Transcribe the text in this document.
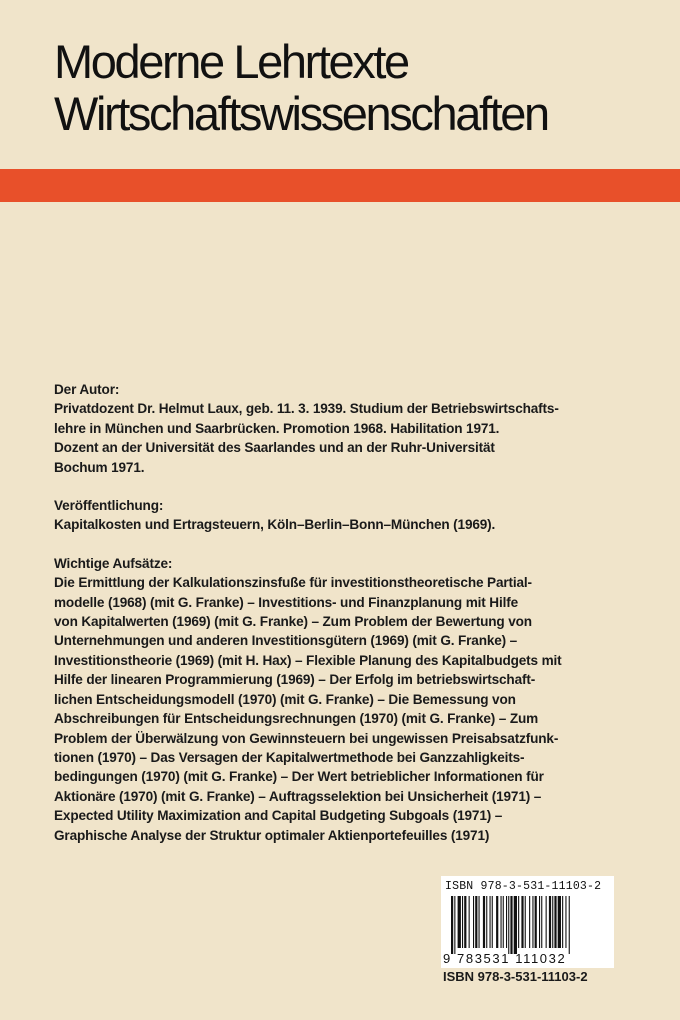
Moderne Lehrtexte
Wirtschaftswissenschaften

Der Autor:

Privatdozent Dr. Helmut Laux, geb. 11. 3. 1939. Studium der Betriebswirtschafts-
lehre in München und Saarbrücken. Promotion 1968. Habilitation 1971.
Dozent an der Universität des Saarlandes und an der Ruhr-Universität
Bochum 1971.

Veröffentlichung:

Kapitalkosten und Ertragsteuern, Köln–Berlin–Bonn–München (1969).

Wichtige Aufsätze:

Die Ermittlung der Kalkulationszinsfuße für investitionstheoretische Partial-
modelle (1968) (mit G. Franke) – Investitions- und Finanzplanung mit Hilfe
von Kapitalwerten (1969) (mit G. Franke) – Zum Problem der Bewertung von
Unternehmungen und anderen Investitionsgütern (1969) (mit G. Franke) –
Investitionstheorie (1969) (mit H. Hax) – Flexible Planung des Kapitalbudgets mit
Hilfe der linearen Programmierung (1969) – Der Erfolg im betriebswirtschaft-
lichen Entscheidungsmodell (1970) (mit G. Franke) – Die Bemessung von
Abschreibungen für Entscheidungsrechnungen (1970) (mit G. Franke) – Zum
Problem der Überwälzung von Gewinnsteuern bei ungewissen Preisabsatzfunk-
tionen (1970) – Das Versagen der Kapitalwertmethode bei Ganzzahligkeits-
bedingungen (1970) (mit G. Franke) – Der Wert betrieblicher Informationen für
Aktionäre (1970) (mit G. Franke) – Auftragsselektion bei Unsicherheit (1971) –
Expected Utility Maximization and Capital Budgeting Subgoals (1971) –
Graphische Analyse der Struktur optimaler Aktienportefeuilles (1971)
ISBN 978-3-531-11103-2
9 783531 111032
ISBN 978-3-531-11103-2
